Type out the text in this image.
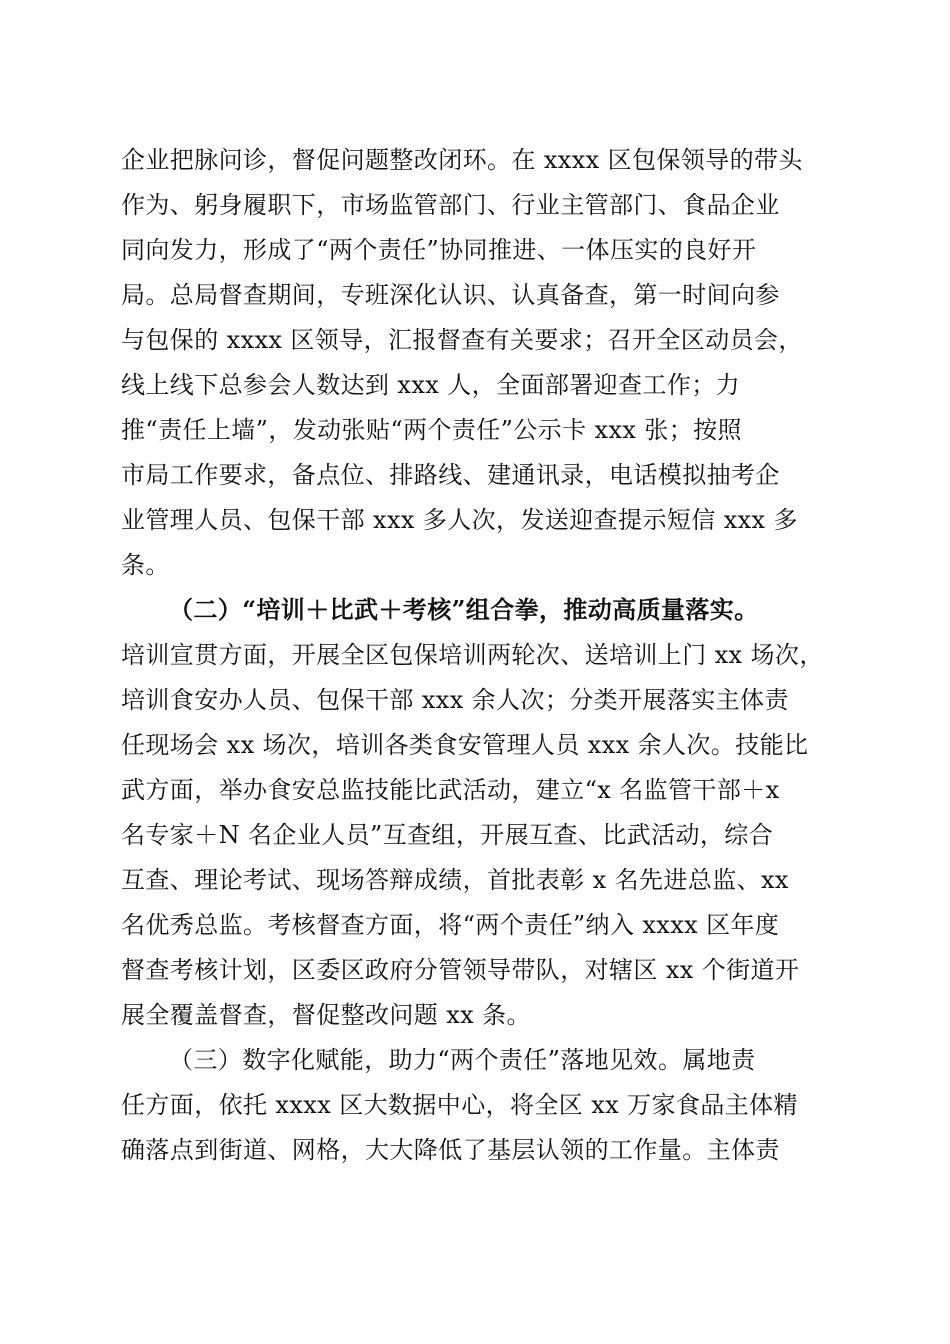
企业把脉问诊，督促问题整改闭环。在 xxxx 区包保领导的带头
作为、躬身履职下，市场监管部门、行业主管部门、食品企业
同向发力，形成了“两个责任”协同推进、一体压实的良好开
局。总局督查期间，专班深化认识、认真备查，第一时间向参
与包保的 xxxx 区领导，汇报督查有关要求；召开全区动员会，
线上线下总参会人数达到 xxx 人，全面部署迎查工作；力
推“责任上墙”，发动张贴“两个责任”公示卡 xxx 张；按照
市局工作要求，备点位、排路线、建通讯录，电话模拟抽考企
业管理人员、包保干部 xxx 多人次，发送迎查提示短信 xxx 多
条。
（二）“培训＋比武＋考核”组合拳，推动高质量落实。
培训宣贯方面，开展全区包保培训两轮次、送培训上门 xx 场次，
培训食安办人员、包保干部 xxx 余人次；分类开展落实主体责
任现场会 xx 场次，培训各类食安管理人员 xxx 余人次。技能比
武方面，举办食安总监技能比武活动，建立“x 名监管干部＋x
名专家＋N 名企业人员”互查组，开展互查、比武活动，综合
互查、理论考试、现场答辩成绩，首批表彰 x 名先进总监、xx
名优秀总监。考核督查方面，将“两个责任”纳入 xxxx 区年度
督查考核计划，区委区政府分管领导带队，对辖区 xx 个街道开
展全覆盖督查，督促整改问题 xx 条。
（三）数字化赋能，助力“两个责任”落地见效。属地责
任方面，依托 xxxx 区大数据中心，将全区 xx 万家食品主体精
确落点到街道、网格，大大降低了基层认领的工作量。主体责
